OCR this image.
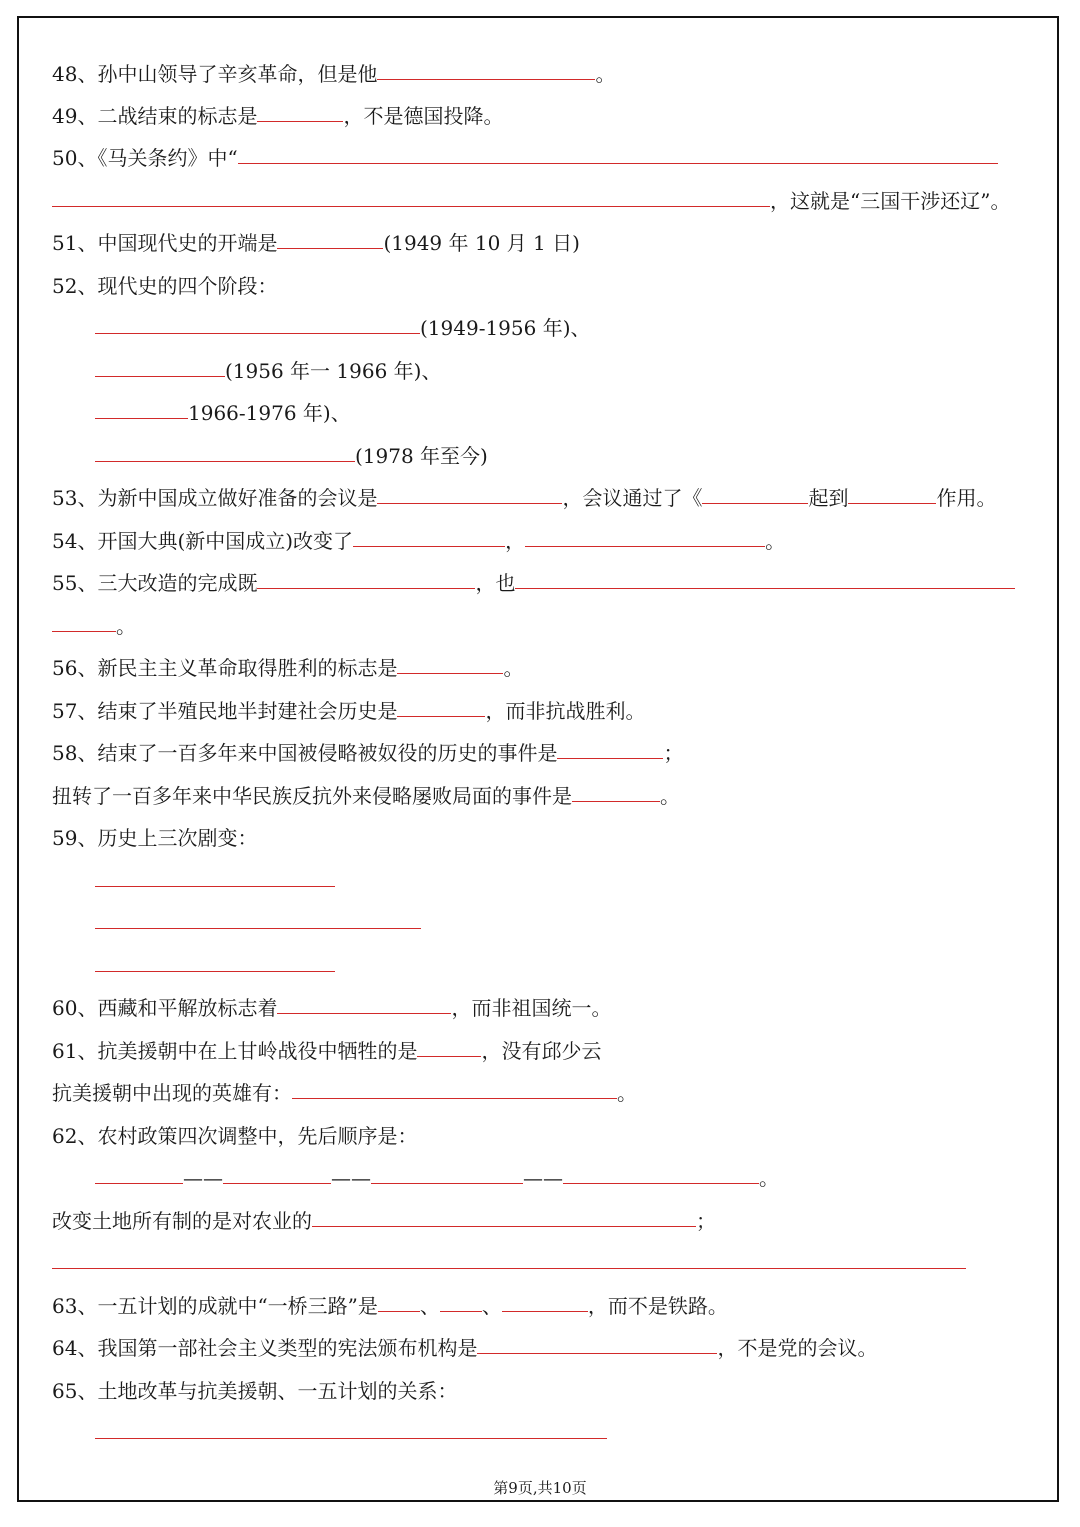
48、孙中山领导了辛亥革命，但是他	。
49、二战结束的标志是	，不是德国投降。
50、《马关条约》中“
，这就是“三国干涉还辽”。
51、中国现代史的开端是	(1949 年 10 月 1 日)
52、现代史的四个阶段：
(1949-1956 年)、
(1956 年一 1966 年)、
1966-1976 年)、
(1978 年至今)
53、为新中国成立做好准备的会议是	，会议通过了《	起到	作用。
54、开国大典(新中国成立)改变了	，	。
55、三大改造的完成既	，也
。
56、新民主主义革命取得胜利的标志是	。
57、结束了半殖民地半封建社会历史是	，而非抗战胜利。
58、结束了一百多年来中国被侵略被奴役的历史的事件是	；
扭转了一百多年来中华民族反抗外来侵略屡败局面的事件是	。
59、历史上三次剧变：
60、西藏和平解放标志着	，而非祖国统一。
61、抗美援朝中在上甘岭战役中牺牲的是	，没有邱少云
抗美援朝中出现的英雄有：	。
62、农村政策四次调整中，先后顺序是：
——	——	——	。
改变土地所有制的是对农业的	；
63、一五计划的成就中“一桥三路”是 、 、	，而不是铁路。
64、我国第一部社会主义类型的宪法颁布机构是	，不是党的会议。
65、土地改革与抗美援朝、一五计划的关系：
第9页,共10页
